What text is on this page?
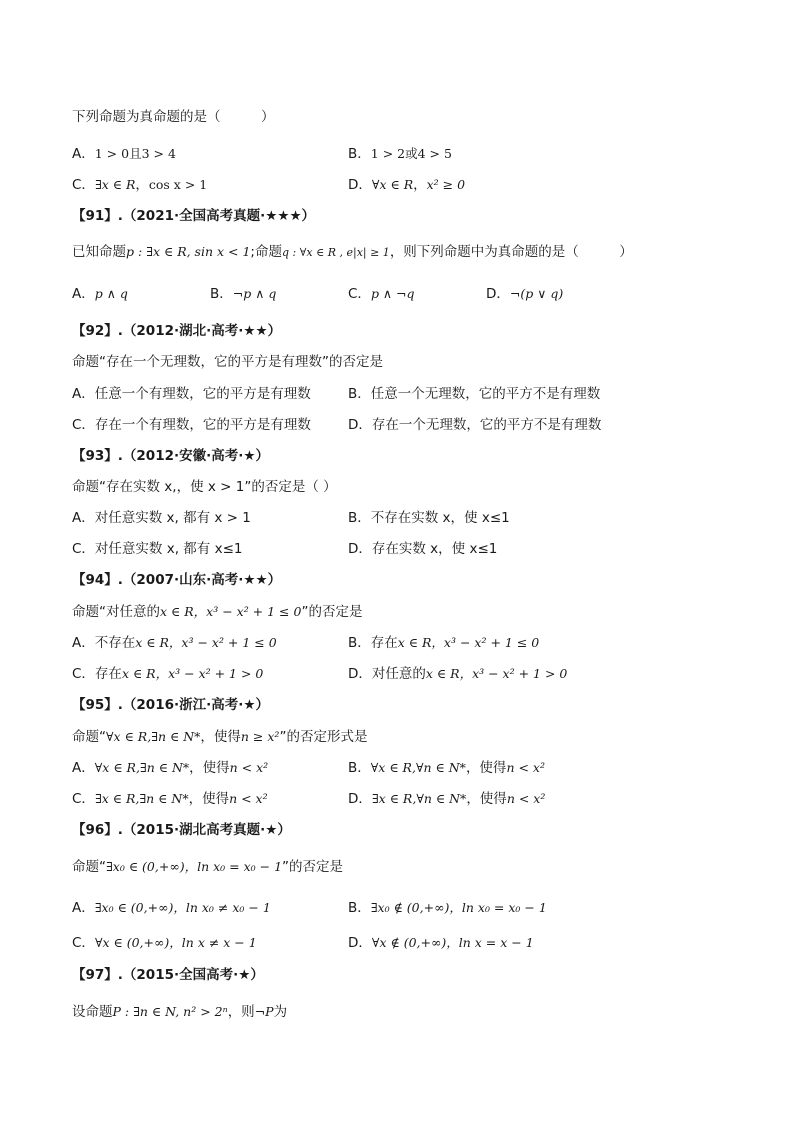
下列命题为真命题的是（　　　）
A．1 > 0且3 > 4	B．1 > 2或4 > 5
C．∃x ∈ R，cos x > 1	D．∀x ∈ R，x² ≥ 0
【91】.（2021·全国高考真题·★★★）
已知命题p : ∃x ∈ R, sin x < 1;命题q : ∀x ∈ R , e|x| ≥ 1，则下列命题中为真命题的是（　　　）
A．p ∧ q	B．¬p ∧ q	C．p ∧ ¬q	D．¬(p ∨ q)
【92】.（2012·湖北·高考·★★）
命题“存在一个无理数，它的平方是有理数”的否定是
A．任意一个有理数，它的平方是有理数	B．任意一个无理数，它的平方不是有理数
C．存在一个有理数，它的平方是有理数	D．存在一个无理数，它的平方不是有理数
【93】.（2012·安徽·高考·★）
命题“存在实数 x,，使 x > 1”的否定是（ ）
A．对任意实数 x, 都有 x > 1	B．不存在实数 x，使 x≤1
C．对任意实数 x, 都有 x≤1	D．存在实数 x，使 x≤1
【94】.（2007·山东·高考·★★）
命题“对任意的x ∈ R，x³ − x² + 1 ≤ 0”的否定是
A．不存在x ∈ R，x³ − x² + 1 ≤ 0	B．存在x ∈ R，x³ − x² + 1 ≤ 0
C．存在x ∈ R，x³ − x² + 1 > 0	D．对任意的x ∈ R，x³ − x² + 1 > 0
【95】.（2016·浙江·高考·★）
命题“∀x ∈ R,∃n ∈ N*，使得n ≥ x²”的否定形式是
A．∀x ∈ R,∃n ∈ N*，使得n < x²	B．∀x ∈ R,∀n ∈ N*，使得n < x²
C．∃x ∈ R,∃n ∈ N*，使得n < x²	D．∃x ∈ R,∀n ∈ N*，使得n < x²
【96】.（2015·湖北高考真题·★）
命题“∃x₀ ∈ (0,+∞)，ln x₀ = x₀ − 1”的否定是
A．∃x₀ ∈ (0,+∞)，ln x₀ ≠ x₀ − 1	B．∃x₀ ∉ (0,+∞)，ln x₀ = x₀ − 1
C．∀x ∈ (0,+∞)，ln x ≠ x − 1	D．∀x ∉ (0,+∞)，ln x = x − 1
【97】.（2015·全国高考·★）
设命题P : ∃n ∈ N, n² > 2ⁿ，则¬P为
